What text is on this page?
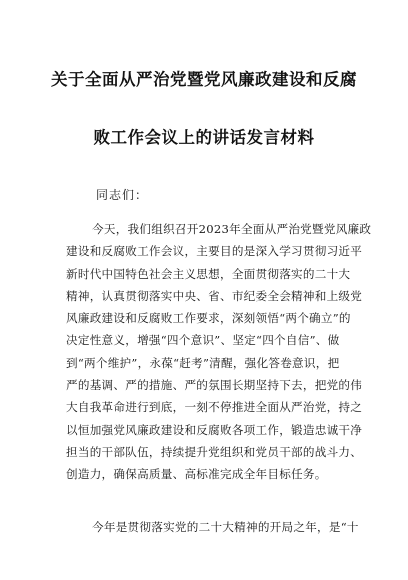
关于全面从严治党暨党风廉政建设和反腐
败工作会议上的讲话发言材料

同志们：

今天，我们组织召开2023年全面从严治党暨党风廉政
建设和反腐败工作会议，主要目的是深入学习贯彻习近平
新时代中国特色社会主义思想，全面贯彻落实的二十大
精神，认真贯彻落实中央、省、市纪委全会精神和上级党
风廉政建设和反腐败工作要求，深刻领悟“两个确立”的
决定性意义，增强“四个意识”、坚定“四个自信”、做
到“两个维护”，永葆“赶考”清醒，强化答卷意识，把
严的基调、严的措施、严的氛围长期坚持下去，把党的伟
大自我革命进行到底，一刻不停推进全面从严治党，持之
以恒加强党风廉政建设和反腐败各项工作，锻造忠诚干净
担当的干部队伍，持续提升党组织和党员干部的战斗力、
创造力，确保高质量、高标准完成全年目标任务。
今年是贯彻落实党的二十大精神的开局之年，是“十
